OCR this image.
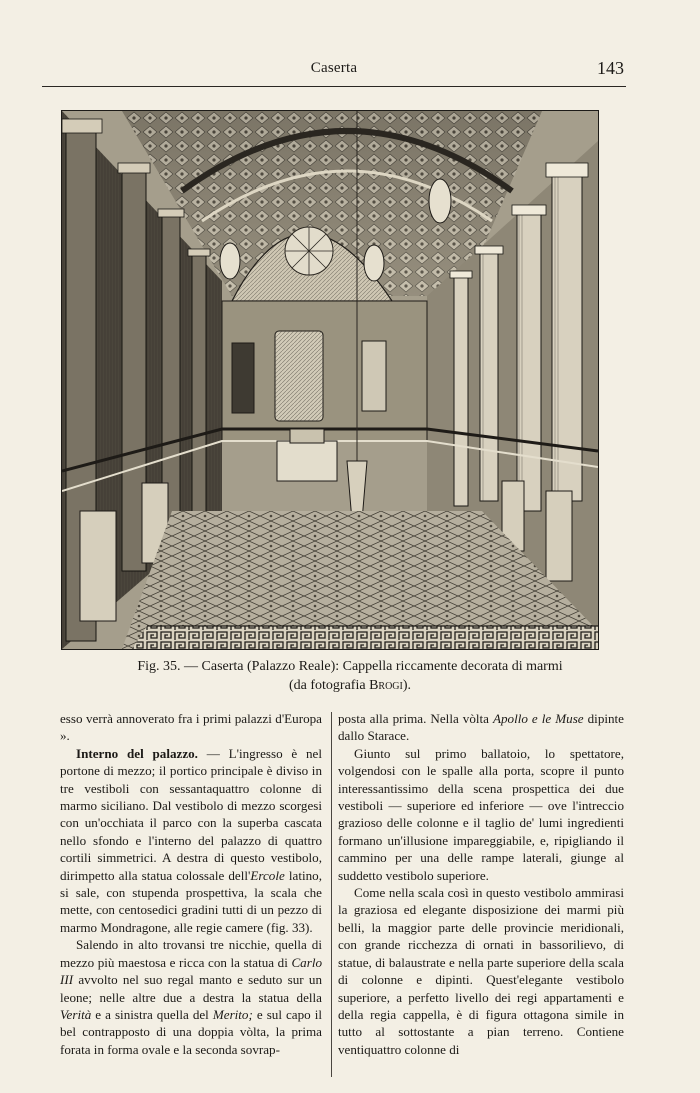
Caserta	143
Fig. 35. — Caserta (Palazzo Reale): Cappella riccamente decorata di marmi
(da fotografia Brogi).

esso verrà annoverato fra i primi palazzi d'Europa ».

Interno del palazzo. — L'ingresso è nel portone di mezzo; il portico principale è diviso in tre vestiboli con sessantaquattro colonne di marmo siciliano. Dal vestibolo di mezzo scorgesi con un'occhiata il parco con la superba cascata nello sfondo e l'interno del palazzo di quattro cortili simmetrici. A destra di questo vestibolo, dirimpetto alla statua colossale dell'Ercole latino, si sale, con stupenda prospettiva, la scala che mette, con centosedici gradini tutti di un pezzo di marmo Mondragone, alle regie camere (fig. 33).

Salendo in alto trovansi tre nicchie, quella di mezzo più maestosa e ricca con la statua di Carlo III avvolto nel suo regal manto e seduto sur un leone; nelle altre due a destra la statua della Verità e a sinistra quella del Merito; e sul capo il bel contrapposto di una doppia vòlta, la prima forata in forma ovale e la seconda sovrap-

posta alla prima. Nella vòlta Apollo e le Muse dipinte dallo Starace.

Giunto sul primo ballatoio, lo spettatore, volgendosi con le spalle alla porta, scopre il punto interessantissimo della scena prospettica dei due vestiboli — superiore ed inferiore — ove l'intreccio grazioso delle colonne e il taglio de' lumi ingredienti formano un'illusione impareggiabile, e, ripigliando il cammino per una delle rampe laterali, giunge al suddetto vestibolo superiore.

Come nella scala così in questo vestibolo ammirasi la graziosa ed elegante disposizione dei marmi più belli, la maggior parte delle provincie meridionali, con grande ricchezza di ornati in bassorilievo, di statue, di balaustrate e nella parte superiore della scala di colonne e dipinti. Quest'elegante vestibolo superiore, a perfetto livello dei regi appartamenti e della regia cappella, è di figura ottagona simile in tutto al sottostante a pian terreno. Contiene ventiquattro colonne di
